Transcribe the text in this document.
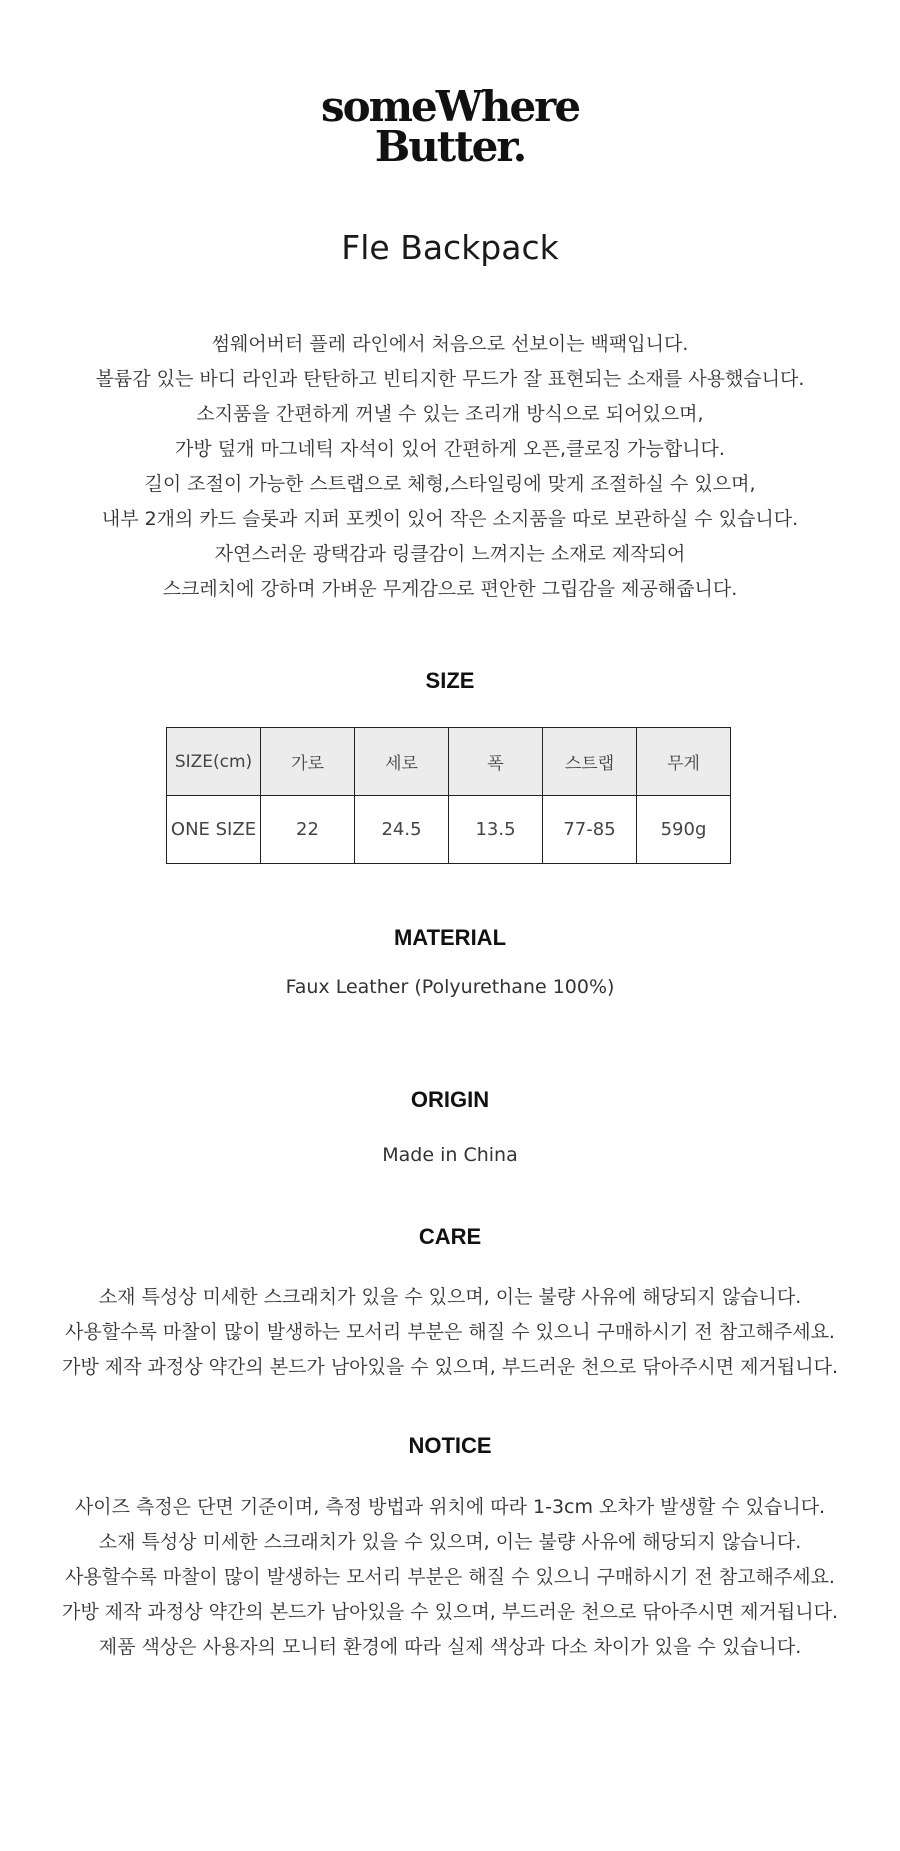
someWhere
Butter.
Fle Backpack
썸웨어버터 플레 라인에서 처음으로 선보이는 백팩입니다.
볼륨감 있는 바디 라인과 탄탄하고 빈티지한 무드가 잘 표현되는 소재를 사용했습니다.
소지품을 간편하게 꺼낼 수 있는 조리개 방식으로 되어있으며,
가방 덮개 마그네틱 자석이 있어 간편하게 오픈,클로징 가능합니다.
길이 조절이 가능한 스트랩으로 체형,스타일링에 맞게 조절하실 수 있으며,
내부 2개의 카드 슬롯과 지퍼 포켓이 있어 작은 소지품을 따로 보관하실 수 있습니다.
자연스러운 광택감과 링클감이 느껴지는 소재로 제작되어
스크레치에 강하며 가벼운 무게감으로 편안한 그립감을 제공해줍니다.
SIZE
SIZE(cm)	가로	세로	폭	스트랩	무게
ONE SIZE	22	24.5	13.5	77-85	590g
MATERIAL
Faux Leather (Polyurethane 100%)
ORIGIN
Made in China
CARE
소재 특성상 미세한 스크래치가 있을 수 있으며, 이는 불량 사유에 해당되지 않습니다.
사용할수록 마찰이 많이 발생하는 모서리 부분은 해질 수 있으니 구매하시기 전 참고해주세요.
가방 제작 과정상 약간의 본드가 남아있을 수 있으며, 부드러운 천으로 닦아주시면 제거됩니다.
NOTICE
사이즈 측정은 단면 기준이며, 측정 방법과 위치에 따라 1-3cm 오차가 발생할 수 있습니다.
소재 특성상 미세한 스크래치가 있을 수 있으며, 이는 불량 사유에 해당되지 않습니다.
사용할수록 마찰이 많이 발생하는 모서리 부분은 해질 수 있으니 구매하시기 전 참고해주세요.
가방 제작 과정상 약간의 본드가 남아있을 수 있으며, 부드러운 천으로 닦아주시면 제거됩니다.
제품 색상은 사용자의 모니터 환경에 따라 실제 색상과 다소 차이가 있을 수 있습니다.
